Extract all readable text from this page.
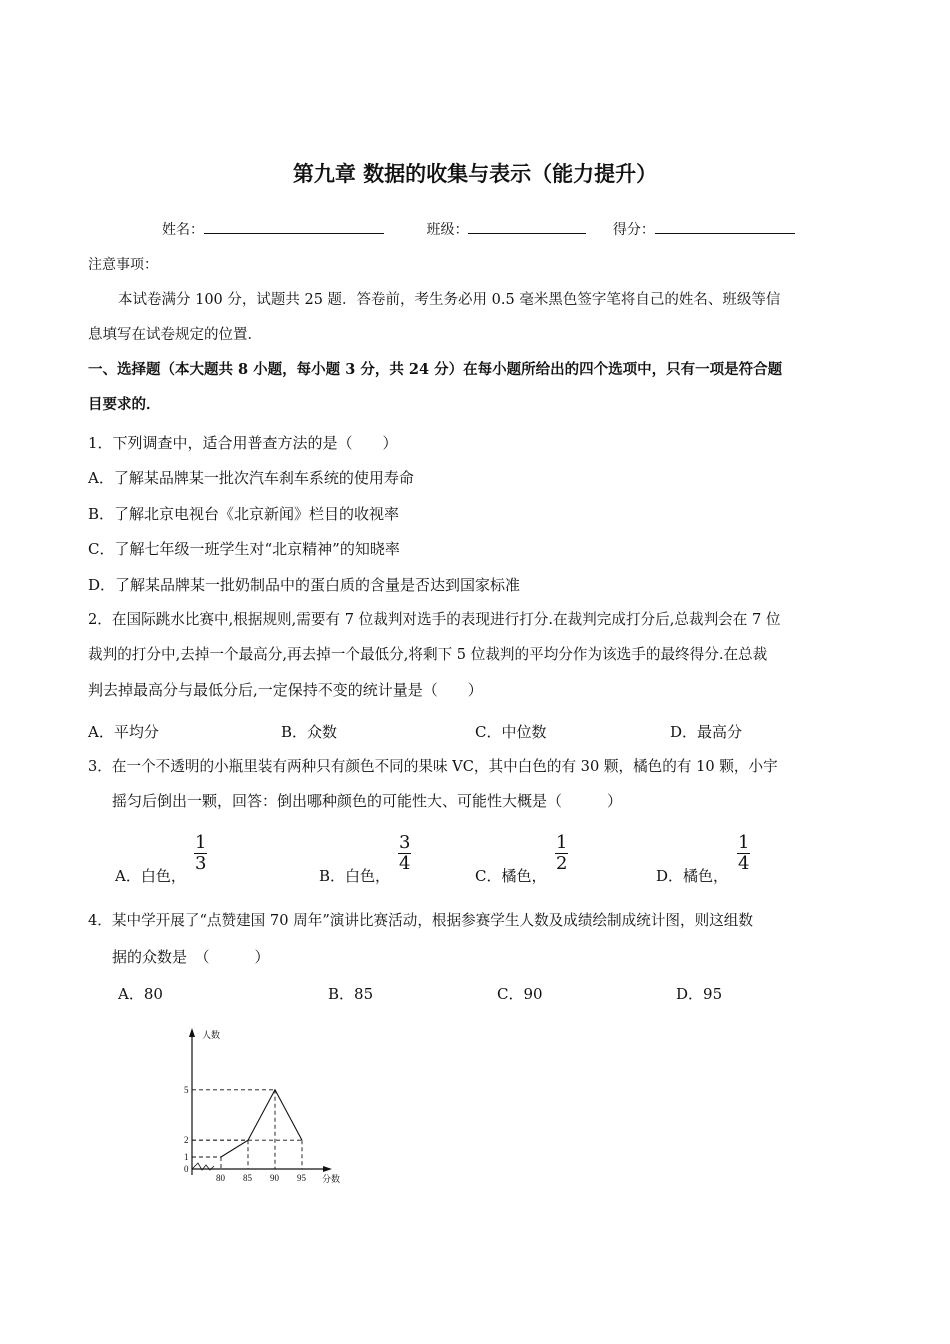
第九章 数据的收集与表示（能力提升）
姓名：	班级：	得分：
注意事项：
本试卷满分 100 分，试题共 25 题．答卷前，考生务必用 0.5 毫米黑色签字笔将自己的姓名、班级等信
息填写在试卷规定的位置．
一、选择题（本大题共 8 小题，每小题 3 分，共 24 分）在每小题所给出的四个选项中，只有一项是符合题
目要求的．
1．下列调查中，适合用普查方法的是（　　）
A．了解某品牌某一批次汽车刹车系统的使用寿命
B．了解北京电视台《北京新闻》栏目的收视率
C．了解七年级一班学生对“北京精神”的知晓率
D．了解某品牌某一批奶制品中的蛋白质的含量是否达到国家标准
2．在国际跳水比赛中,根据规则,需要有 7 位裁判对选手的表现进行打分.在裁判完成打分后,总裁判会在 7 位
裁判的打分中,去掉一个最高分,再去掉一个最低分,将剩下 5 位裁判的平均分作为该选手的最终得分.在总裁
判去掉最高分与最低分后,一定保持不变的统计量是（　　）
A．平均分	B．众数	C．中位数	D．最高分
3．在一个不透明的小瓶里装有两种只有颜色不同的果味 VC，其中白色的有 30 颗，橘色的有 10 颗，小宇
摇匀后倒出一颗，回答：倒出哪种颜色的可能性大、可能性大概是（　　　）
A．白色，
$\frac{1}{3}$
B．白色，
$\frac{3}{4}$
C．橘色，
$\frac{1}{2}$
D．橘色，
$\frac{1}{4}$
4．某中学开展了“点赞建国 70 周年”演讲比赛活动，根据参赛学生人数及成绩绘制成统计图，则这组数
据的众数是　（　　　）
A．80	B．85	C．90	D．95
人数
分数
80 85 90 95
0
1
2
5
